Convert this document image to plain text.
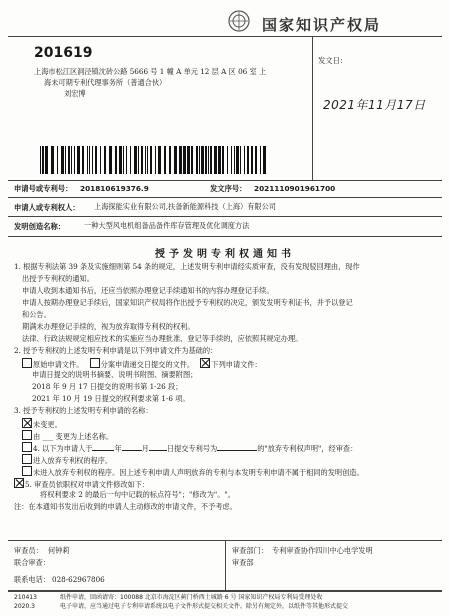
国家知识产权局
201619
上海市松江区洞泾镇沈砖公路 5666 号 1 幢 A 单元 12 层 A 区 06 室 上
海未可期专利代理事务所（普通合伙）
刘宏博
发文日：
2021年11月17日
申请号或专利号： 201810619376.9	发文序号： 2021110901961700
申请人或专利权人： 上海探能实业有限公司,扶备新能源科技（上海）有限公司
发明创造名称：	一种大型风电机组备品备件库存管理及优化调度方法
授予发明专利权通知书
1. 根据专利法第 39 条及实施细则第 54 条的规定，上述发明专利申请经实质审查，没有发现驳回理由，现作
出授予专利权的通知。
申请人收到本通知书后，还应当依照办理登记手续通知书的内容办理登记手续。
申请人按期办理登记手续后，国家知识产权局将作出授予专利权的决定，颁发发明专利证书，并予以登记
和公告。
期满未办理登记手续的，视为放弃取得专利权的权利。
法律、行政法规规定相应技术的实施应当办理批准、登记等手续的，应依照其规定办理。
2. 授予专利权的上述发明专利申请是以下列申请文件为基础的：
原始申请文件。 分案申请递交日提交的文件。 下列申请文件：
申请日提交的说明书摘要、说明书附图、摘要附图；
2018 年 9 月 17 日提交的说明书第 1-26 段；
2021 年 10 月 19 日提交的权利要求第 1-6 项。
3. 授予专利权的上述发明专利申请的名称：
未变更。
由 ___ 变更为上述名称。
4. 以下为申请人于	年	月	日提交专利号为	的"放弃专利权声明"，经审查：
进入放弃专利权的程序。
未进入放弃专利权的程序。因上述专利申请人声明放弃的专利与本发明专利申请不属于相同的发明创造。
5. 审查员依职权对申请文件修改如下：
将权利要求 2 的最后一句中记载的标点符号"；"修改为"。"。
注：在本通知书发出后收到的申请人主动修改的申请文件，不予考虑。
审查员： 何钟莉	审查部门： 专利审查协作四川中心电学发明
联合审查：	审查部
联系电话： 028-62967806
210413
2020.3
纸件申请，回函请寄：100088 北京市海淀区蓟门桥西土城路 6 号 国家知识产权局专利局受理处收
电子申请，应当通过电子专利申请系统以电子文件形式提交相关文件。除另有规定外，以纸件等其他形式提交
